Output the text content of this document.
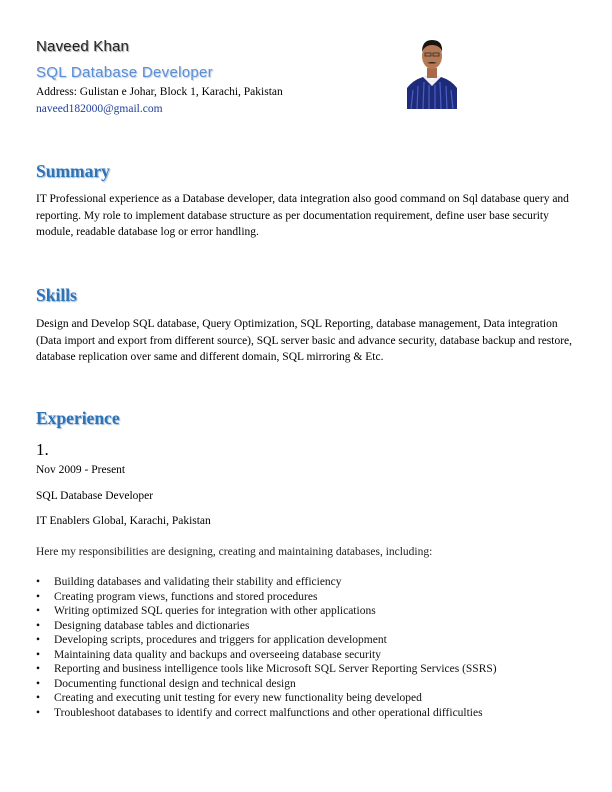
Naveed Khan
SQL Database Developer
Address: Gulistan e Johar, Block 1, Karachi, Pakistan
naveed182000@gmail.com
Summary
IT Professional experience as a Database developer, data integration also good command on Sql database query and reporting. My role to implement database structure as per documentation requirement, define user base security module, readable database log or error handling.
Skills
Design and Develop SQL database, Query Optimization, SQL Reporting, database management, Data integration (Data import and export from different source), SQL server basic and advance security, database backup and restore, database replication over same and different domain, SQL mirroring & Etc.
Experience
1.
Nov 2009 - Present
SQL Database Developer
IT Enablers Global, Karachi, Pakistan
Here my responsibilities are designing, creating and maintaining databases, including:
• Building databases and validating their stability and efficiency
• Creating program views, functions and stored procedures
• Writing optimized SQL queries for integration with other applications
• Designing database tables and dictionaries
• Developing scripts, procedures and triggers for application development
• Maintaining data quality and backups and overseeing database security
• Reporting and business intelligence tools like Microsoft SQL Server Reporting Services (SSRS)
• Documenting functional design and technical design
• Creating and executing unit testing for every new functionality being developed
• Troubleshoot databases to identify and correct malfunctions and other operational difficulties
